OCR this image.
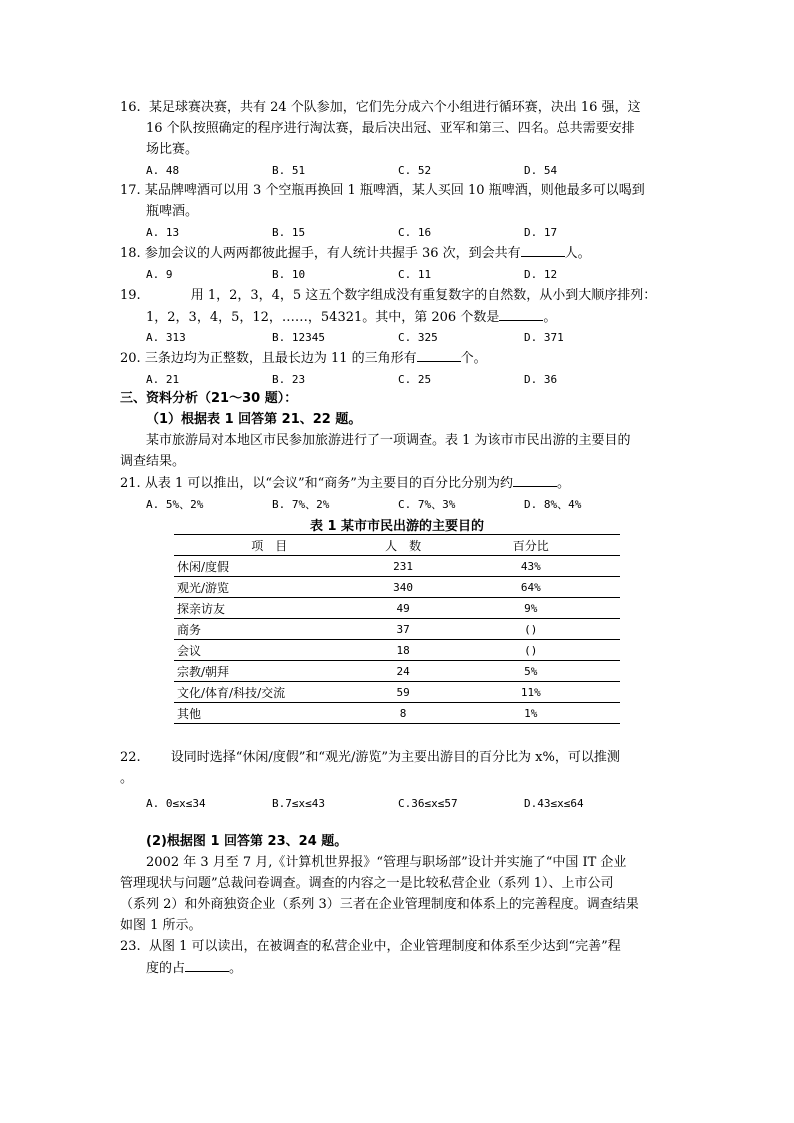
16. 某足球赛决赛，共有 24 个队参加，它们先分成六个小组进行循环赛，决出 16 强，这
16 个队按照确定的程序进行淘汰赛，最后决出冠、亚军和第三、四名。总共需要安排
场比赛。
A. 48	B. 51	C. 52	D. 54
17. 某品牌啤酒可以用 3 个空瓶再换回 1 瓶啤酒，某人买回 10 瓶啤酒，则他最多可以喝到
瓶啤酒。
A. 13	B. 15	C. 16	D. 17
18. 参加会议的人两两都彼此握手，有人统计共握手 36 次，到会共有	人。
A. 9	B. 10	C. 11	D. 12
19.	用 1，2，3，4，5 这五个数字组成没有重复数字的自然数，从小到大顺序排列：
1，2，3，4，5，12，……，54321。其中，第 206 个数是	。
A. 313	B. 12345	C. 325	D. 371
20. 三条边均为正整数，且最长边为 11 的三角形有	个。
A. 21	B. 23	C. 25	D. 36
三、资料分析（21～30 题）：
（1）根据表 1 回答第 21、22 题。
某市旅游局对本地区市民参加旅游进行了一项调查。表 1 为该市市民出游的主要目的
调查结果。
21. 从表 1 可以推出，以“会议”和“商务”为主要目的百分比分别为约	。
A. 5%、2%	B. 7%、2%	C. 7%、3%	D. 8%、4%
表 1 某市市民出游的主要目的
项　目	人　数	百分比
休闲/度假	231	43%
观光/游览	340	64%
探亲访友	49	9%
商务	37	()
会议	18	()
宗教/朝拜	24	5%
文化/体育/科技/交流	59	11%
其他	8	1%
22. 设同时选择“休闲/度假”和“观光/游览”为主要出游目的百分比为 x%，可以推测
。
A. 0≤x≤34	B.7≤x≤43	C.36≤x≤57	D.43≤x≤64
(2)根据图 1 回答第 23、24 题。
2002 年 3 月至 7 月,《计算机世界报》“管理与职场部”设计并实施了“中国 IT 企业
管理现状与问题”总裁问卷调查。调查的内容之一是比较私营企业（系列 1）、上市公司
（系列 2）和外商独资企业（系列 3）三者在企业管理制度和体系上的完善程度。调查结果
如图 1 所示。
23. 从图 1 可以读出，在被调查的私营企业中，企业管理制度和体系至少达到“完善”程
度的占	。
